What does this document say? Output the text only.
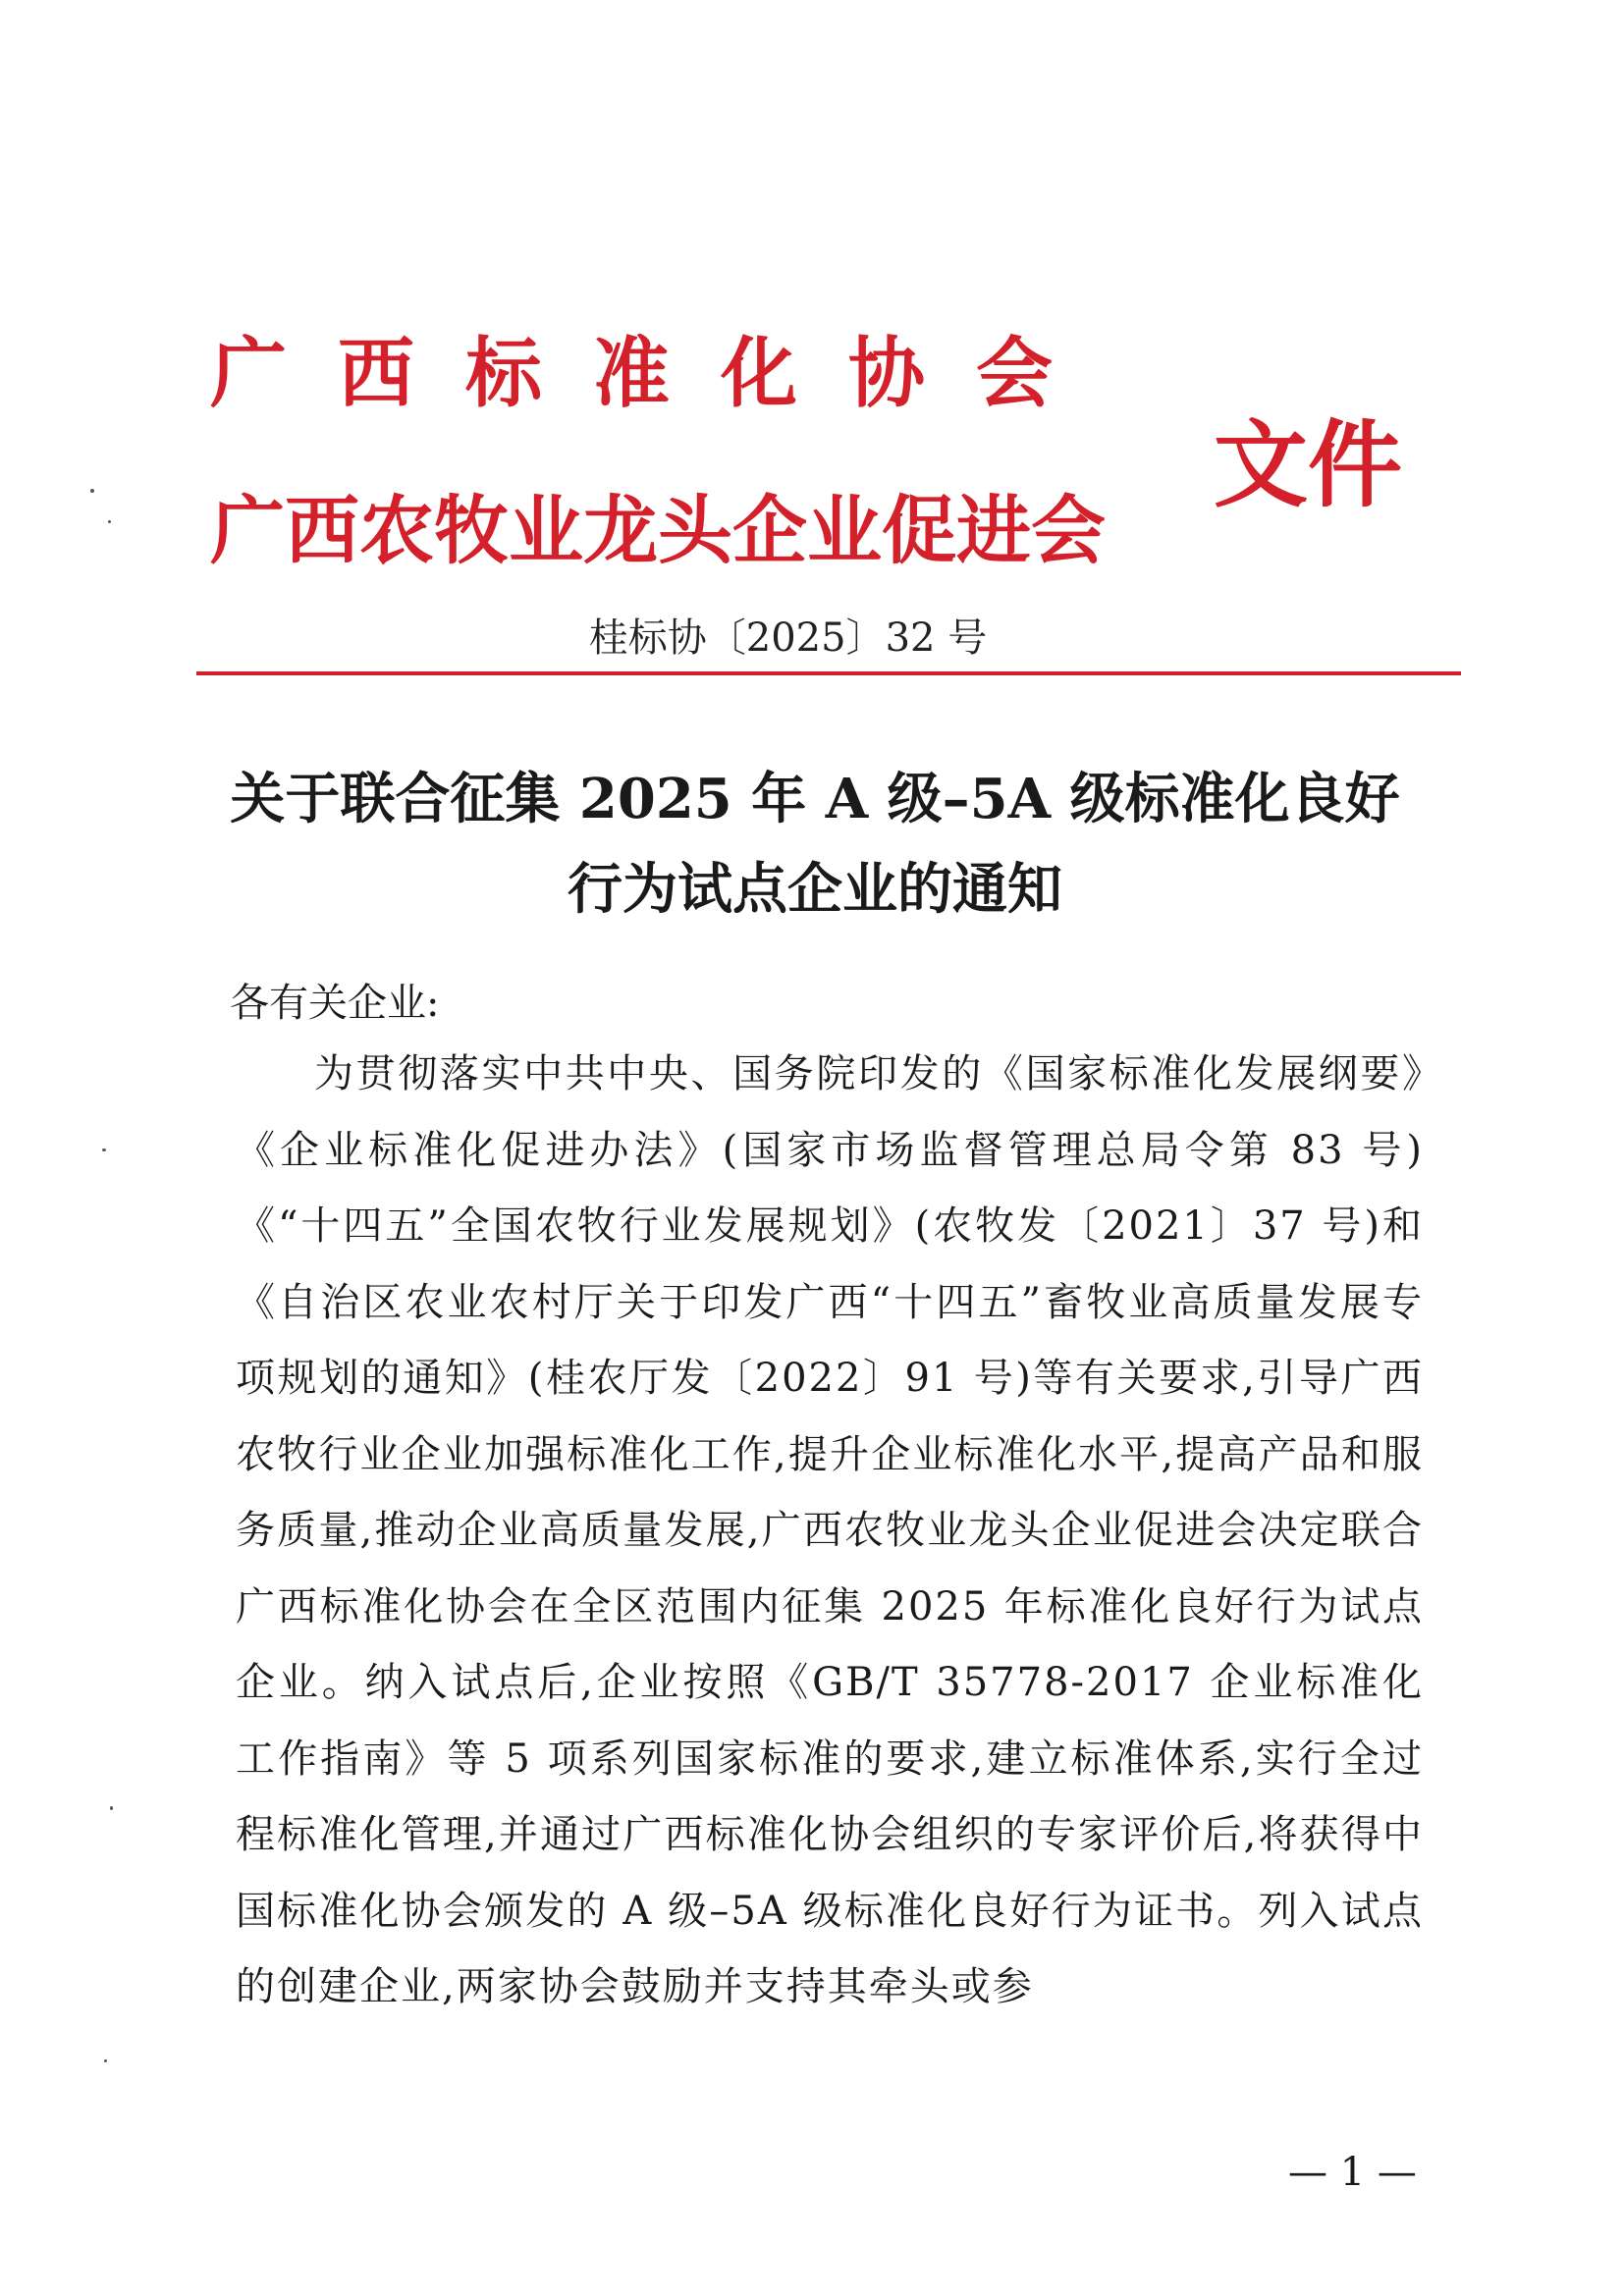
广西标准化协会
广西农牧业龙头企业促进会
文件
桂标协〔2025〕32 号
关于联合征集 2025 年 A 级–5A 级标准化良好
行为试点企业的通知
各有关企业:
为贯彻落实中共中央、国务院印发的《国家标准化发展纲要》《企业标准化促进办法》(国家市场监督管理总局令第 83 号)《“十四五”全国农牧行业发展规划》(农牧发〔2021〕37 号)和《自治区农业农村厅关于印发广西“十四五”畜牧业高质量发展专项规划的通知》(桂农厅发〔2022〕91 号)等有关要求,引导广西农牧行业企业加强标准化工作,提升企业标准化水平,提高产品和服务质量,推动企业高质量发展,广西农牧业龙头企业促进会决定联合广西标准化协会在全区范围内征集 2025 年标准化良好行为试点企业。纳入试点后,企业按照《GB/T 35778-2017 企业标准化工作指南》等 5 项系列国家标准的要求,建立标准体系,实行全过程标准化管理,并通过广西标准化协会组织的专家评价后,将获得中国标准化协会颁发的 A 级–5A 级标准化良好行为证书。列入试点的创建企业,两家协会鼓励并支持其牵头或参
— 1 —
